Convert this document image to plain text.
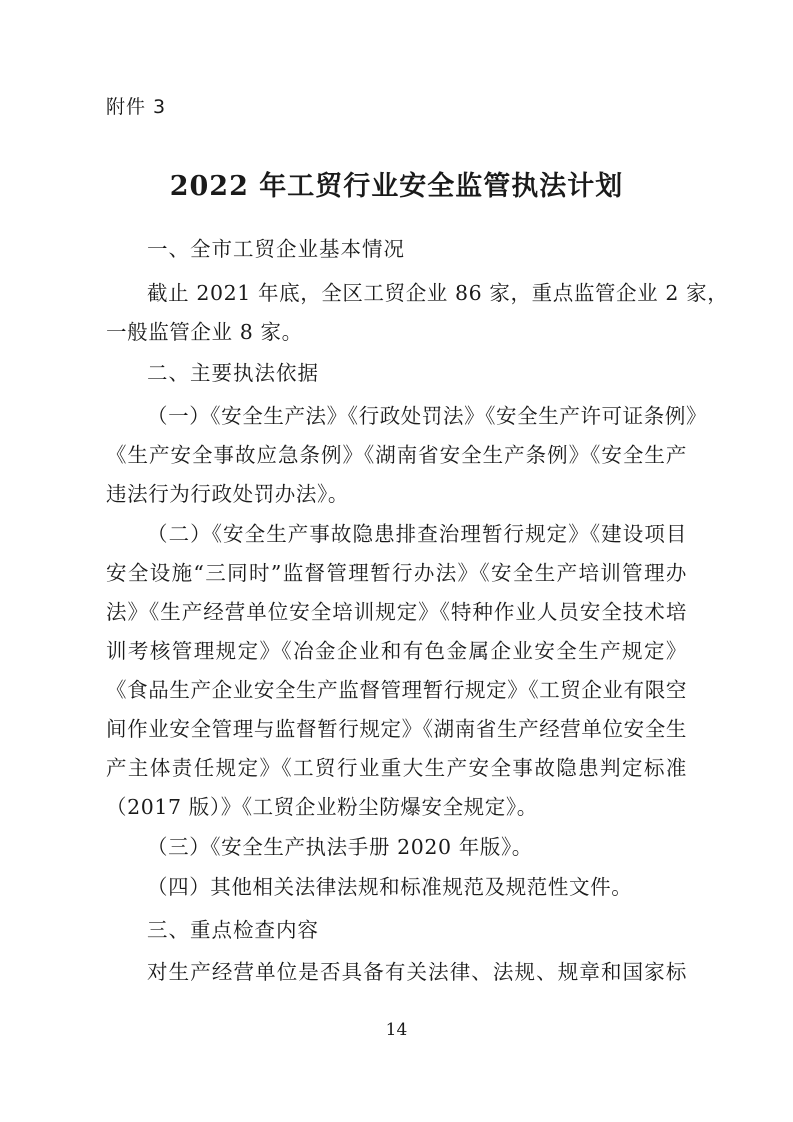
附件 3
2022 年工贸行业安全监管执法计划
一、全市工贸企业基本情况
截止 2021 年底，全区工贸企业 86 家，重点监管企业 2 家，
一般监管企业 8 家。
二、主要执法依据
（一）《安全生产法》《行政处罚法》《安全生产许可证条例》
《生产安全事故应急条例》《湖南省安全生产条例》《安全生产
违法行为行政处罚办法》。
（二）《安全生产事故隐患排查治理暂行规定》《建设项目
安全设施“三同时”监督管理暂行办法》《安全生产培训管理办
法》《生产经营单位安全培训规定》《特种作业人员安全技术培
训考核管理规定》《冶金企业和有色金属企业安全生产规定》
《食品生产企业安全生产监督管理暂行规定》《工贸企业有限空
间作业安全管理与监督暂行规定》《湖南省生产经营单位安全生
产主体责任规定》《工贸行业重大生产安全事故隐患判定标准
（2017 版）》《工贸企业粉尘防爆安全规定》。
（三）《安全生产执法手册 2020 年版》。
（四）其他相关法律法规和标准规范及规范性文件。
三、重点检查内容
对生产经营单位是否具备有关法律、法规、规章和国家标
14
